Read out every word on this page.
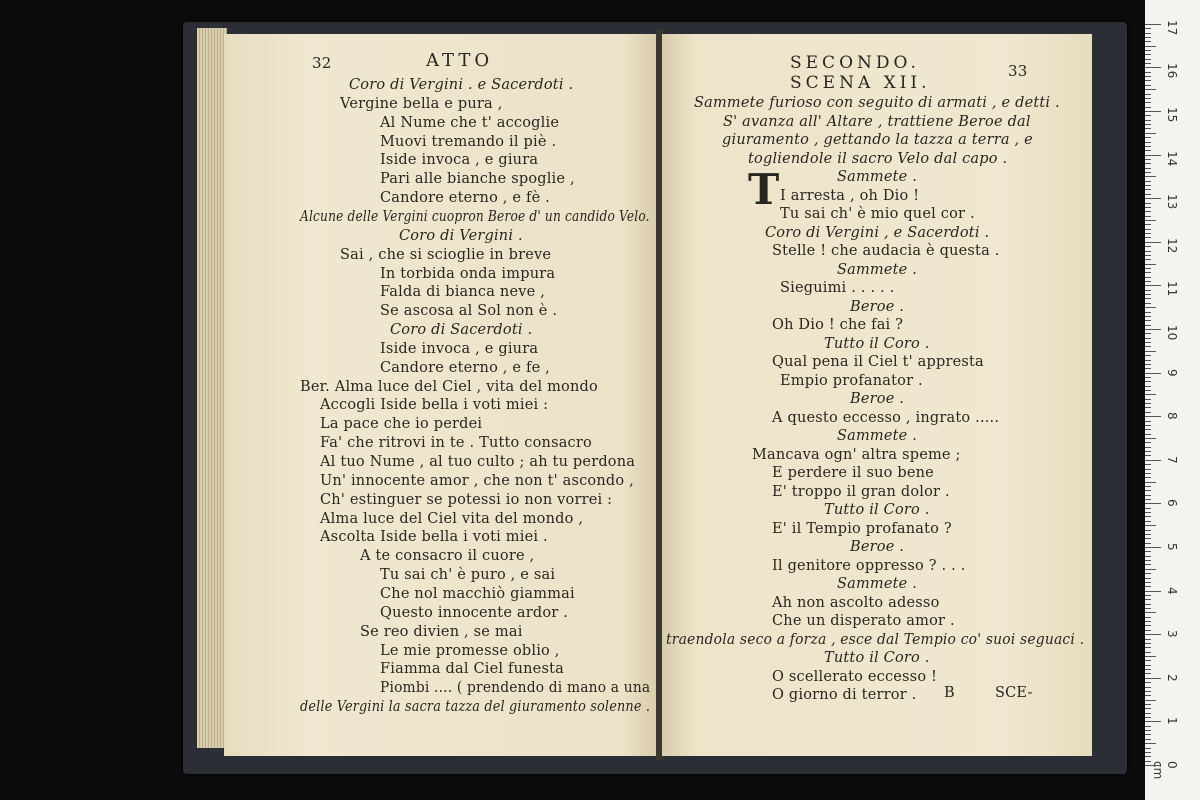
32	ATTO
Coro di Vergini . e Sacerdoti .
Vergine bella e pura ,
Al Nume che t' accoglie
Muovi tremando il piè .
Iside invoca , e giura
Pari alle bianche spoglie ,
Candore eterno , e fè .
Alcune delle Vergini cuopron Beroe d' un candido Velo.
Coro di Vergini .
Sai , che si scioglie in breve
In torbida onda impura
Falda di bianca neve ,
Se ascosa al Sol non è .
Coro di Sacerdoti .
Iside invoca , e giura
Candore eterno , e fe ,
Ber. Alma luce del Ciel , vita del mondo
Accogli Iside bella i voti miei :
La pace che io perdei
Fa' che ritrovi in te . Tutto consacro
Al tuo Nume , al tuo culto ; ah tu perdona
Un' innocente amor , che non t' ascondo ,
Ch' estinguer se potessi io non vorrei :
Alma luce del Ciel vita del mondo ,
Ascolta Iside bella i voti miei .
A te consacro il cuore ,
Tu sai ch' è puro , e sai
Che nol macchiò giammai
Questo innocente ardor .
Se reo divien , se mai
Le mie promesse oblio ,
Fiamma dal Ciel funesta
Piombi .... ( prendendo di mano a una
delle Vergini la sacra tazza del giuramento solenne .
SECONDO.	33
SCENA XII.
Sammete furioso con seguito di armati , e detti .
S' avanza all' Altare , trattiene Beroe dal
giuramento , gettando la tazza a terra , e
togliendole il sacro Velo dal capo .
Sammete .
I arresta , oh Dio !
T
Tu sai ch' è mio quel cor .
Coro di Vergini , e Sacerdoti .
Stelle ! che audacia è questa .
Sammete .
Sieguimi . . . . .
Beroe .
Oh Dio ! che fai ?
Tutto il Coro .
Qual pena il Ciel t' appresta
Empio profanator .
Beroe .
A questo eccesso , ingrato .....
Sammete .
Mancava ogn' altra speme ;
E perdere il suo bene
E' troppo il gran dolor .
Tutto il Coro .
E' il Tempio profanato ?
Beroe .
Il genitore oppresso ? . . .
Sammete .
Ah non ascolto adesso
Che un disperato amor .
traendola seco a forza , esce dal Tempio co' suoi seguaci .
Tutto il Coro .
O scellerato eccesso !
O giorno di terror . B	SCE-
0 cm
1
2
3
4
5
6
7
8
9
10
11
12
13
14
15
16
17
